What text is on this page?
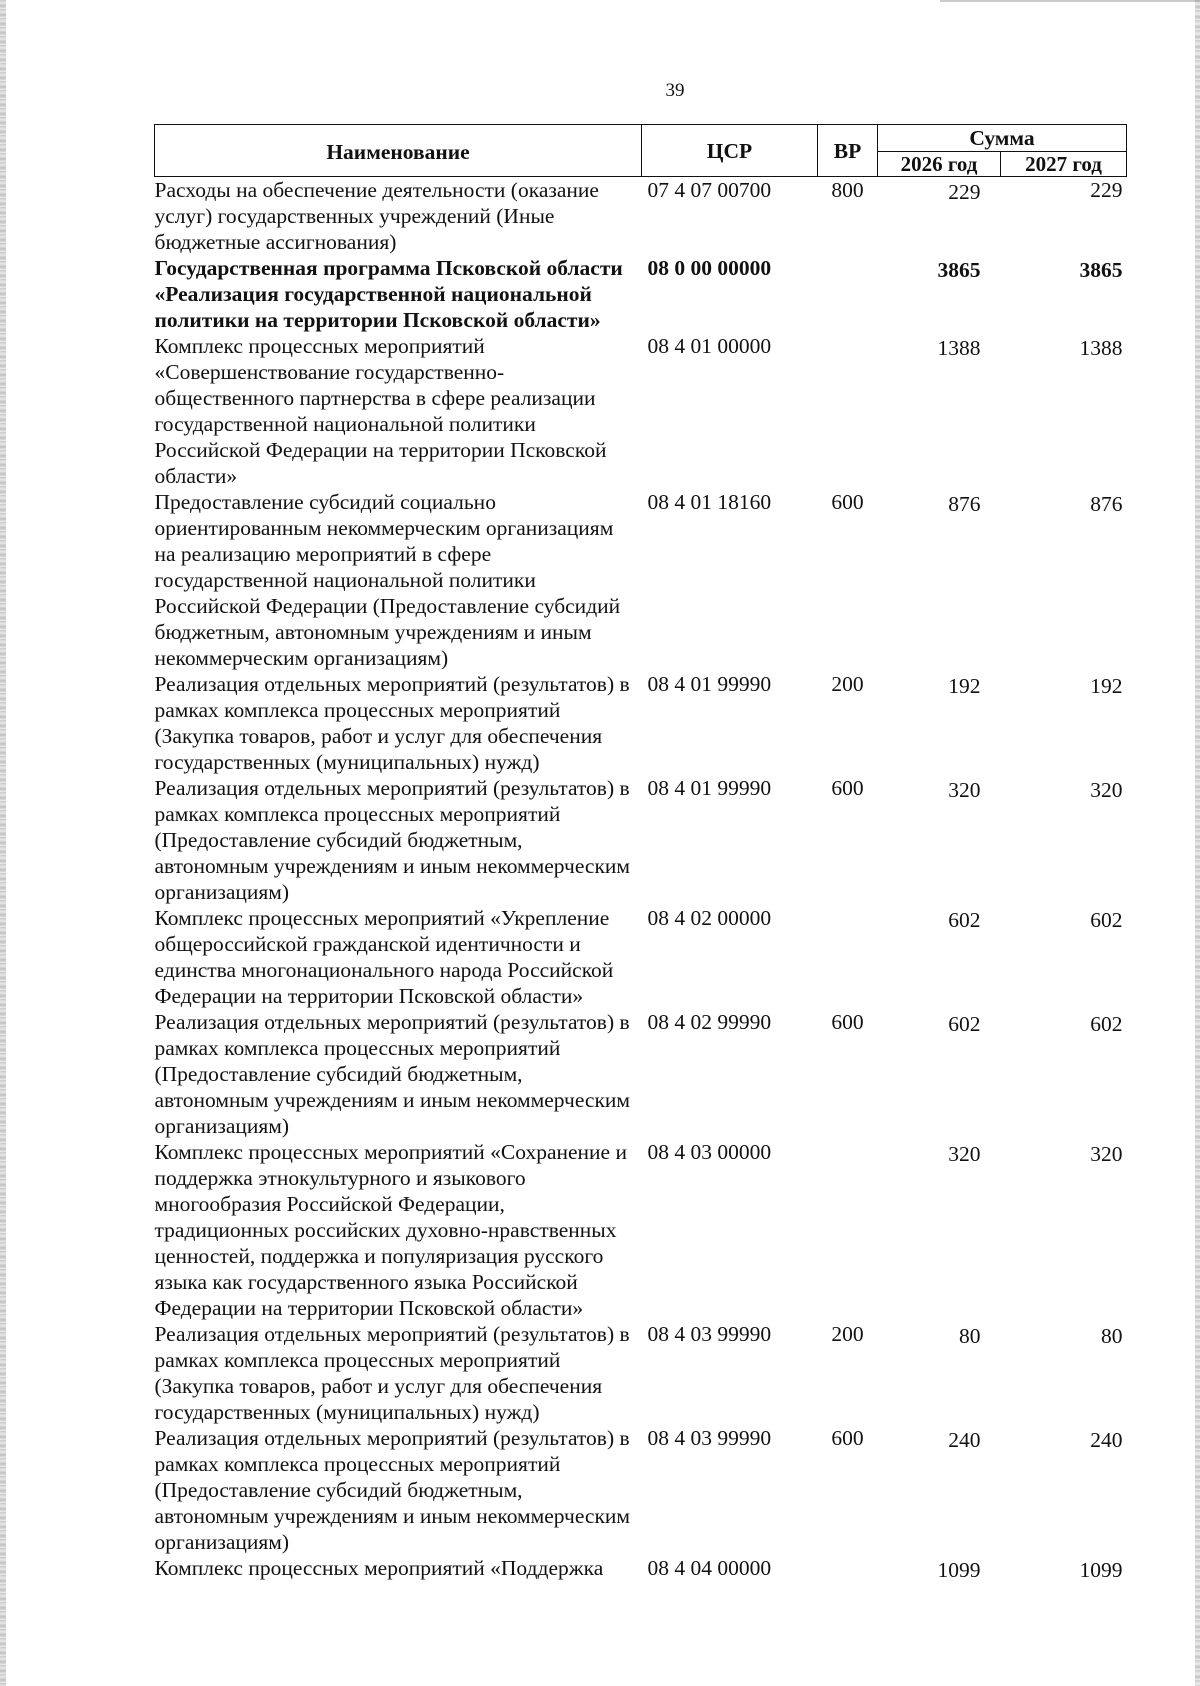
39
Наименование	ЦСР	ВР	Сумма	
			2026 год	2027 год
Расходы на обеспечение деятельности (оказание услуг) государственных учреждений (Иные бюджетные ассигнования)	07 4 07 00700	800	229	229
Государственная программа Псковской области «Реализация государственной национальной политики на территории Псковской области»	08 0 00 00000		3865	3865
Комплекс процессных мероприятий «Совершенствование государственно-общественного партнерства в сфере реализации государственной национальной политики Российской Федерации на территории Псковской области»	08 4 01 00000		1388	1388
Предоставление субсидий социально ориентированным некоммерческим организациям на реализацию мероприятий в сфере государственной национальной политики Российской Федерации (Предоставление субсидий бюджетным, автономным учреждениям и иным некоммерческим организациям)	08 4 01 18160	600	876	876
Реализация отдельных мероприятий (результатов) в рамках комплекса процессных мероприятий (Закупка товаров, работ и услуг для обеспечения государственных (муниципальных) нужд)	08 4 01 99990	200	192	192
Реализация отдельных мероприятий (результатов) в рамках комплекса процессных мероприятий (Предоставление субсидий бюджетным, автономным учреждениям и иным некоммерческим организациям)	08 4 01 99990	600	320	320
Комплекс процессных мероприятий «Укрепление общероссийской гражданской идентичности и единства многонационального народа Российской Федерации на территории Псковской области»	08 4 02 00000		602	602
Реализация отдельных мероприятий (результатов) в рамках комплекса процессных мероприятий (Предоставление субсидий бюджетным, автономным учреждениям и иным некоммерческим организациям)	08 4 02 99990	600	602	602
Комплекс процессных мероприятий «Сохранение и поддержка этнокультурного и языкового многообразия Российской Федерации, традиционных российских духовно-нравственных ценностей, поддержка и популяризация русского языка как государственного языка Российской Федерации на территории Псковской области»	08 4 03 00000		320	320
Реализация отдельных мероприятий (результатов) в рамках комплекса процессных мероприятий (Закупка товаров, работ и услуг для обеспечения государственных (муниципальных) нужд)	08 4 03 99990	200	80	80
Реализация отдельных мероприятий (результатов) в рамках комплекса процессных мероприятий (Предоставление субсидий бюджетным, автономным учреждениям и иным некоммерческим организациям)	08 4 03 99990	600	240	240
Комплекс процессных мероприятий «Поддержка	08 4 04 00000		1099	1099
